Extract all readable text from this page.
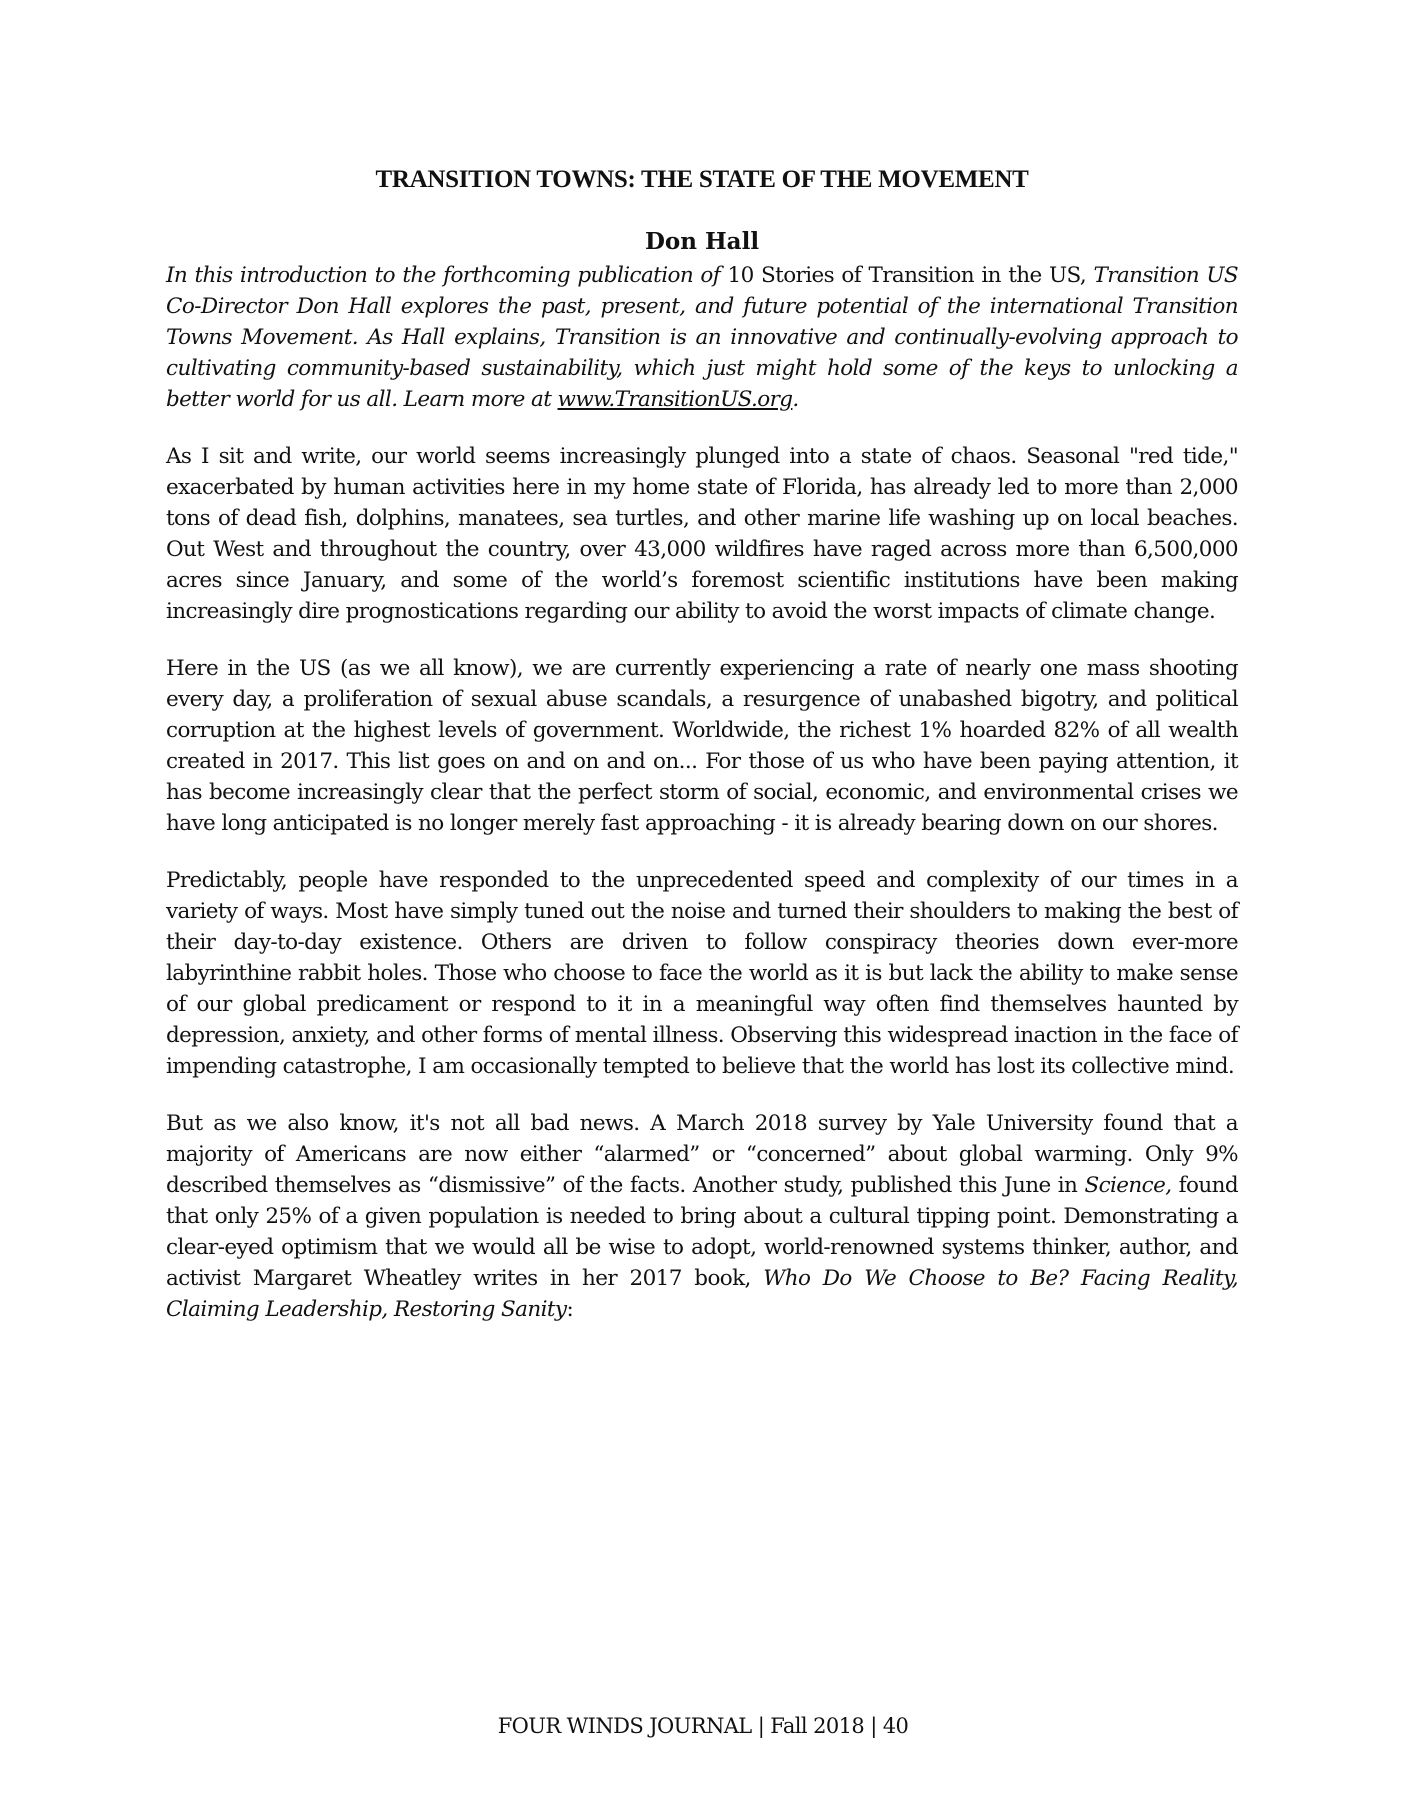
TRANSITION TOWNS: THE STATE OF THE MOVEMENT
Don Hall

In this introduction to the forthcoming publication of 10 Stories of Transition in the US, Transition US Co-Director Don Hall explores the past, present, and future potential of the international Transition Towns Movement. As Hall explains, Transition is an innovative and continually-evolving approach to cultivating community-based sustainability, which just might hold some of the keys to unlocking a better world for us all. Learn more at www.TransitionUS.org.

As I sit and write, our world seems increasingly plunged into a state of chaos. Seasonal "red tide," exacerbated by human activities here in my home state of Florida, has already led to more than 2,000 tons of dead fish, dolphins, manatees, sea turtles, and other marine life washing up on local beaches. Out West and throughout the country, over 43,000 wildfires have raged across more than 6,500,000 acres since January, and some of the world’s foremost scientific institutions have been making increasingly dire prognostications regarding our ability to avoid the worst impacts of climate change.

Here in the US (as we all know), we are currently experiencing a rate of nearly one mass shooting every day, a proliferation of sexual abuse scandals, a resurgence of unabashed bigotry, and political corruption at the highest levels of government. Worldwide, the richest 1% hoarded 82% of all wealth created in 2017. This list goes on and on and on... For those of us who have been paying attention, it has become increasingly clear that the perfect storm of social, economic, and environmental crises we have long anticipated is no longer merely fast approaching - it is already bearing down on our shores.

Predictably, people have responded to the unprecedented speed and complexity of our times in a variety of ways. Most have simply tuned out the noise and turned their shoulders to making the best of their day-to-day existence. Others are driven to follow conspiracy theories down ever-more labyrinthine rabbit holes. Those who choose to face the world as it is but lack the ability to make sense of our global predicament or respond to it in a meaningful way often find themselves haunted by depression, anxiety, and other forms of mental illness. Observing this widespread inaction in the face of impending catastrophe, I am occasionally tempted to believe that the world has lost its collective mind.

But as we also know, it's not all bad news. A March 2018 survey by Yale University found that a majority of Americans are now either “alarmed” or “concerned” about global warming. Only 9% described themselves as “dismissive” of the facts. Another study, published this June in Science, found that only 25% of a given population is needed to bring about a cultural tipping point. Demonstrating a clear-eyed optimism that we would all be wise to adopt, world-renowned systems thinker, author, and activist Margaret Wheatley writes in her 2017 book, Who Do We Choose to Be? Facing Reality, Claiming Leadership, Restoring Sanity:

FOUR WINDS JOURNAL | Fall 2018 | 40
